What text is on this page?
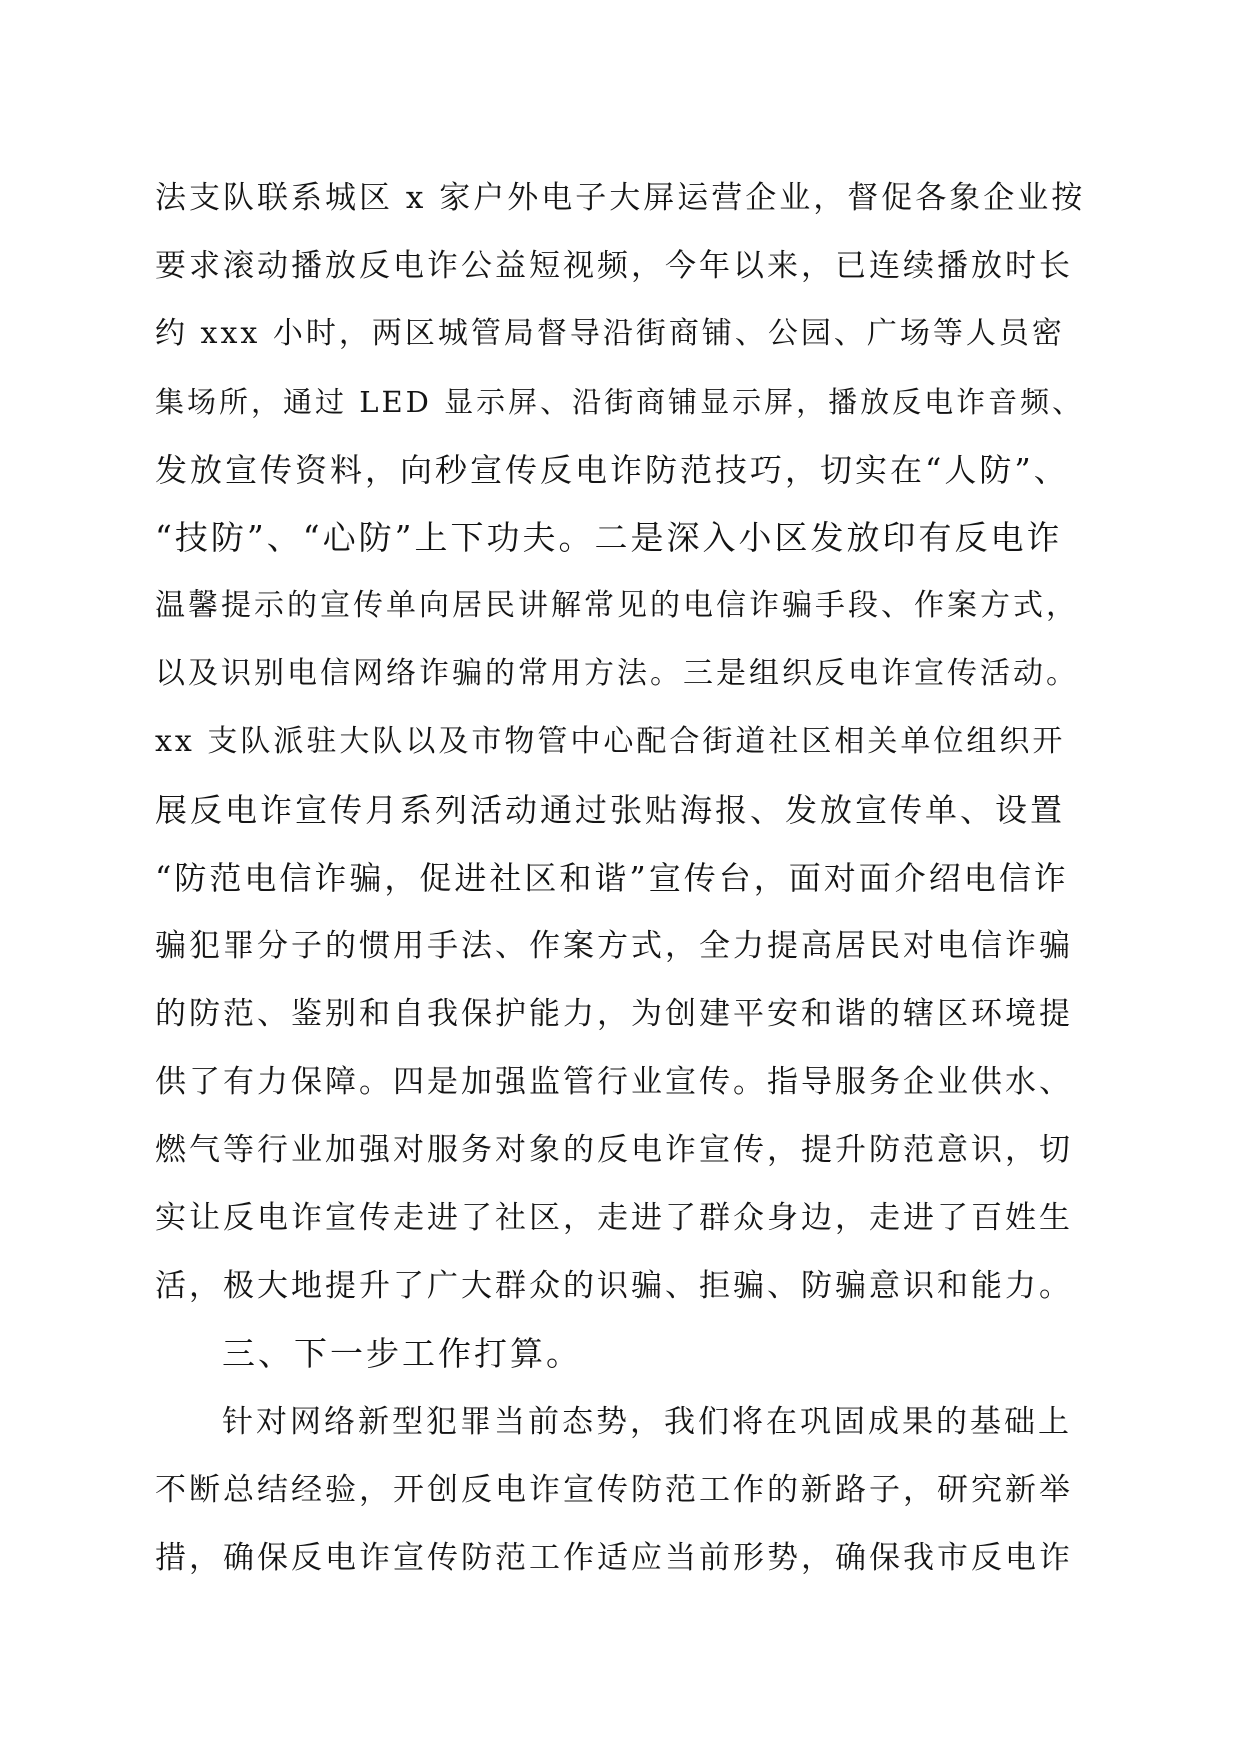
法支队联系城区 x 家户外电子大屏运营企业，督促各象企业按
要求滚动播放反电诈公益短视频，今年以来，已连续播放时长
约 xxx 小时，两区城管局督导沿街商铺、公园、广场等人员密
集场所，通过 LED 显示屏、沿街商铺显示屏，播放反电诈音频、
发放宣传资料，向秒宣传反电诈防范技巧，切实在“人防”、
“技防”、“心防”上下功夫。二是深入小区发放印有反电诈
温馨提示的宣传单向居民讲解常见的电信诈骗手段、作案方式，
以及识别电信网络诈骗的常用方法。三是组织反电诈宣传活动。
xx 支队派驻大队以及市物管中心配合街道社区相关单位组织开
展反电诈宣传月系列活动通过张贴海报、发放宣传单、设置
“防范电信诈骗，促进社区和谐”宣传台，面对面介绍电信诈
骗犯罪分子的惯用手法、作案方式，全力提高居民对电信诈骗
的防范、鉴别和自我保护能力，为创建平安和谐的辖区环境提
供了有力保障。四是加强监管行业宣传。指导服务企业供水、
燃气等行业加强对服务对象的反电诈宣传，提升防范意识，切
实让反电诈宣传走进了社区，走进了群众身边，走进了百姓生
活，极大地提升了广大群众的识骗、拒骗、防骗意识和能力。
三、下一步工作打算。
针对网络新型犯罪当前态势，我们将在巩固成果的基础上
不断总结经验，开创反电诈宣传防范工作的新路子，研究新举
措，确保反电诈宣传防范工作适应当前形势，确保我市反电诈
